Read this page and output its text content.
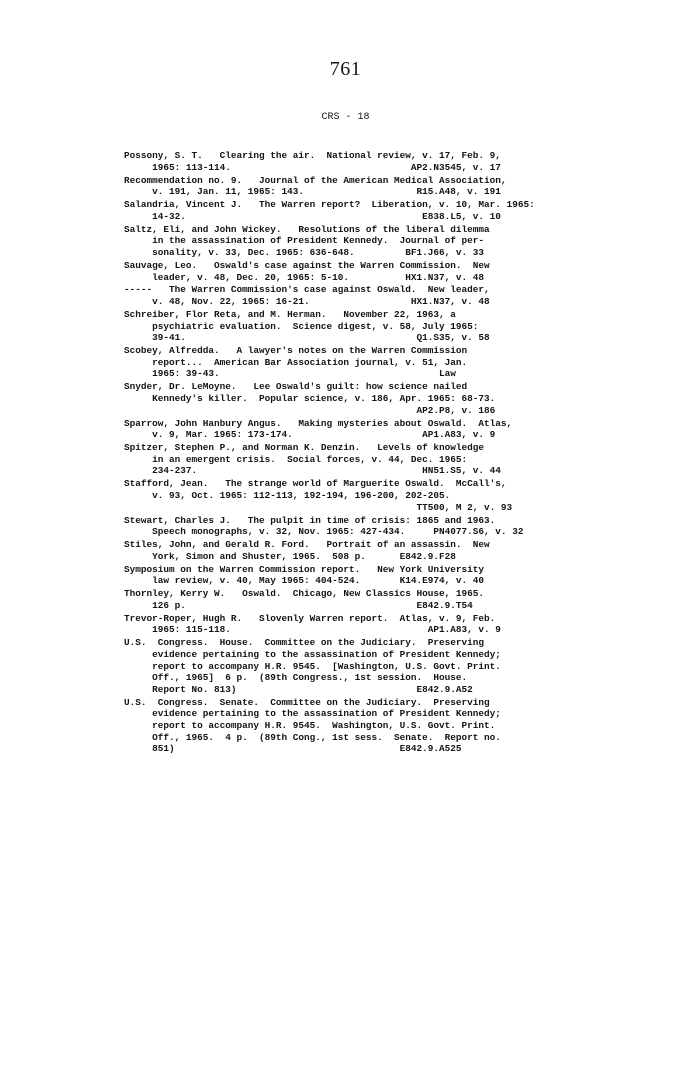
761
CRS - 18
Possony, S. T.   Clearing the air.  National review, v. 17, Feb. 9,
1965: 113-114.                                AP2.N3545, v. 17
Recommendation no. 9.   Journal of the American Medical Association,
v. 191, Jan. 11, 1965: 143.                    R15.A48, v. 191
Salandria, Vincent J.   The Warren report?  Liberation, v. 10, Mar. 1965:
14-32.                                          E838.L5, v. 10
Saltz, Eli, and John Wickey.   Resolutions of the liberal dilemma
in the assassination of President Kennedy.  Journal of per-
sonality, v. 33, Dec. 1965: 636-648.         BF1.J66, v. 33
Sauvage, Leo.   Oswald's case against the Warren Commission.  New
leader, v. 48, Dec. 20, 1965: 5-10.          HX1.N37, v. 48
-----   The Warren Commission's case against Oswald.  New leader,
v. 48, Nov. 22, 1965: 16-21.                  HX1.N37, v. 48
Schreiber, Flor Reta, and M. Herman.   November 22, 1963, a
psychiatric evaluation.  Science digest, v. 58, July 1965:
39-41.                                         Q1.S35, v. 58
Scobey, Alfredda.   A lawyer's notes on the Warren Commission
report...  American Bar Association journal, v. 51, Jan.
1965: 39-43.                                       Law
Snyder, Dr. LeMoyne.   Lee Oswald's guilt: how science nailed
Kennedy's killer.  Popular science, v. 186, Apr. 1965: 68-73.
AP2.P8, v. 186
Sparrow, John Hanbury Angus.   Making mysteries about Oswald.  Atlas,
v. 9, Mar. 1965: 173-174.                       AP1.A83, v. 9
Spitzer, Stephen P., and Norman K. Denzin.   Levels of knowledge
in an emergent crisis.  Social forces, v. 44, Dec. 1965:
234-237.                                        HN51.S5, v. 44
Stafford, Jean.   The strange world of Marguerite Oswald.  McCall's,
v. 93, Oct. 1965: 112-113, 192-194, 196-200, 202-205.
TT500, M 2, v. 93
Stewart, Charles J.   The pulpit in time of crisis: 1865 and 1963.
Speech monographs, v. 32, Nov. 1965: 427-434.     PN4077.S6, v. 32
Stiles, John, and Gerald R. Ford.   Portrait of an assassin.  New
York, Simon and Shuster, 1965.  508 p.      E842.9.F28
Symposium on the Warren Commission report.   New York University
law review, v. 40, May 1965: 404-524.       K14.E974, v. 40
Thornley, Kerry W.   Oswald.  Chicago, New Classics House, 1965.
126 p.                                         E842.9.T54
Trevor-Roper, Hugh R.   Slovenly Warren report.  Atlas, v. 9, Feb.
1965: 115-118.                                   AP1.A83, v. 9
U.S.  Congress.  House.  Committee on the Judiciary.  Preserving
evidence pertaining to the assassination of President Kennedy;
report to accompany H.R. 9545.  [Washington, U.S. Govt. Print.
Off., 1965]  6 p.  (89th Congress., 1st session.  House.
Report No. 813)                                E842.9.A52
U.S.  Congress.  Senate.  Committee on the Judiciary.  Preserving
evidence pertaining to the assassination of President Kennedy;
report to accompany H.R. 9545.  Washington, U.S. Govt. Print.
Off., 1965.  4 p.  (89th Cong., 1st sess.  Senate.  Report no.
851)                                        E842.9.A525
